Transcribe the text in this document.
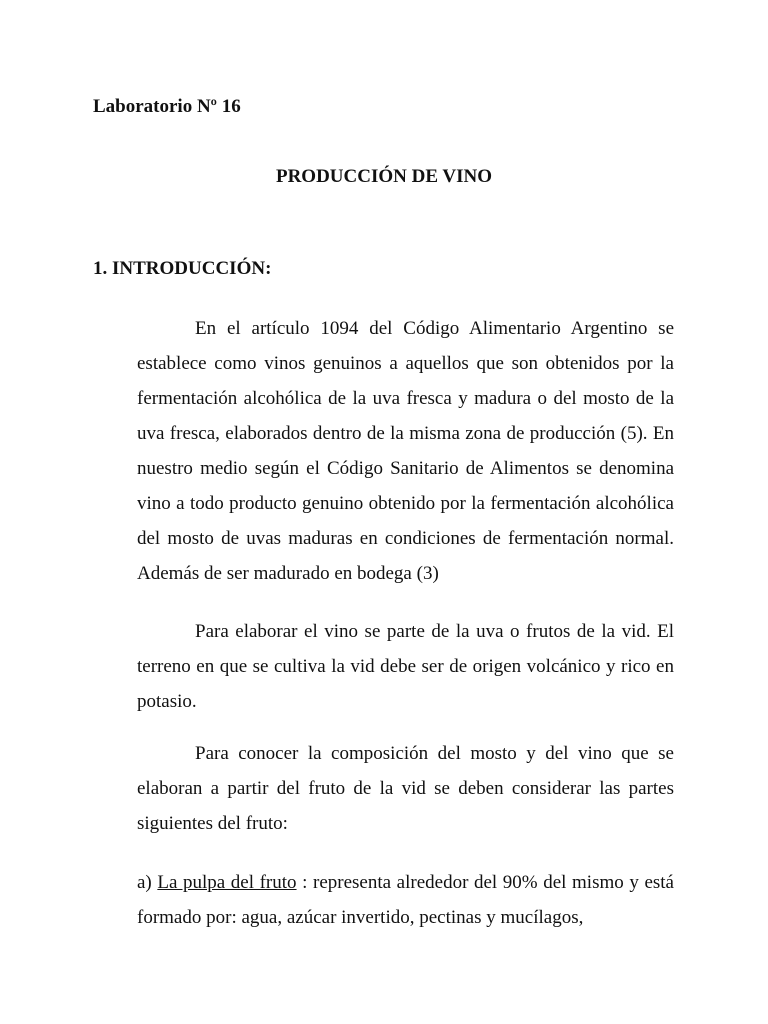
Laboratorio Nº 16

PRODUCCIÓN DE VINO

1. INTRODUCCIÓN:

En el artículo 1094 del Código Alimentario Argentino se establece como vinos genuinos a aquellos que son obtenidos por la fermentación alcohólica de la uva fresca y madura o del mosto de la uva fresca, elaborados dentro de la misma zona de producción (5). En nuestro medio según el Código Sanitario de Alimentos se denomina vino a todo producto genuino obtenido por la fermentación alcohólica del mosto de uvas maduras en condiciones de fermentación normal. Además de ser madurado en bodega (3)

Para elaborar el vino se parte de la uva o frutos de la vid. El terreno en que se cultiva la vid debe ser de origen volcánico y rico en potasio.

Para conocer la composición del mosto y del vino que se elaboran a partir del fruto de la vid se deben considerar las partes siguientes del fruto:

a) La pulpa del fruto : representa alrededor del 90% del mismo y está formado por: agua, azúcar invertido, pectinas y mucílagos,
